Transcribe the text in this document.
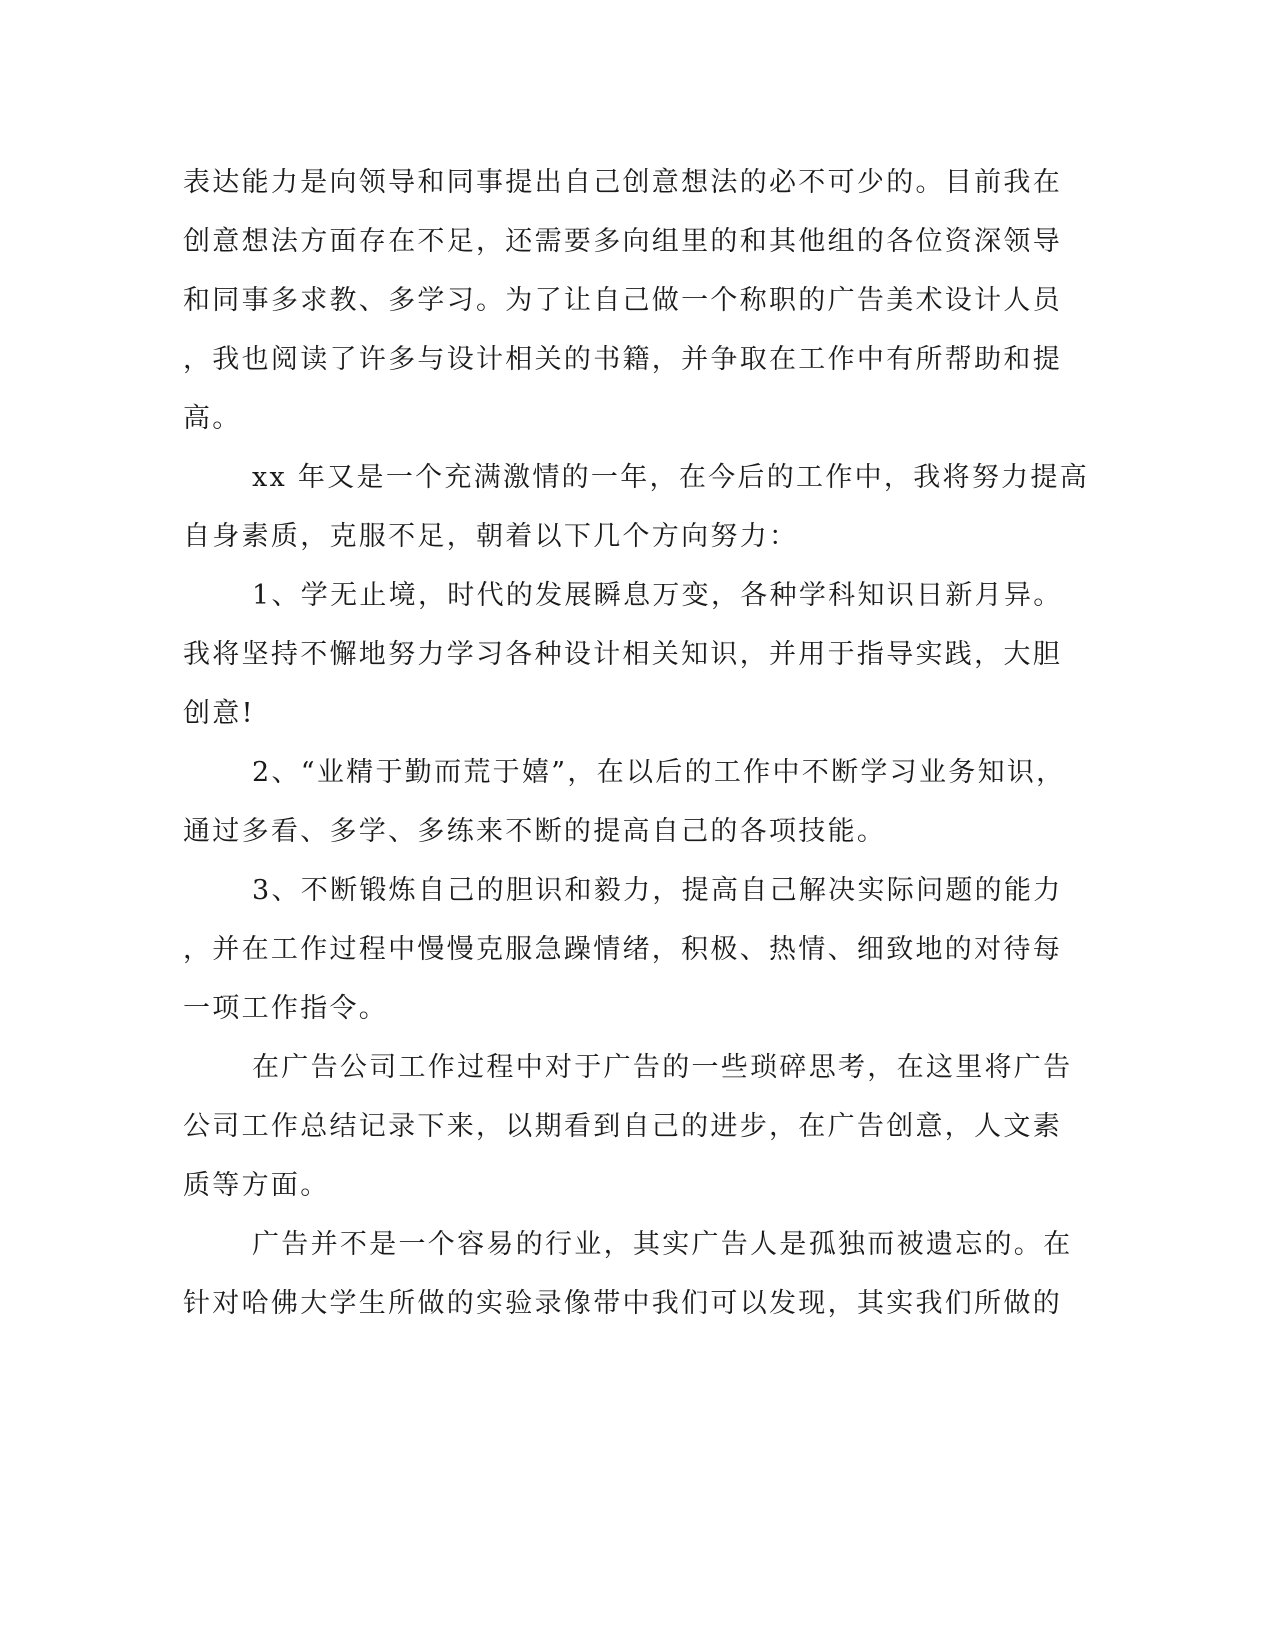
表达能力是向领导和同事提出自己创意想法的必不可少的。目前我在
创意想法方面存在不足，还需要多向组里的和其他组的各位资深领导
和同事多求教、多学习。为了让自己做一个称职的广告美术设计人员
，我也阅读了许多与设计相关的书籍，并争取在工作中有所帮助和提
高。
xx 年又是一个充满激情的一年，在今后的工作中，我将努力提高
自身素质，克服不足，朝着以下几个方向努力：
1、学无止境，时代的发展瞬息万变，各种学科知识日新月异。
我将坚持不懈地努力学习各种设计相关知识，并用于指导实践，大胆
创意!
2、“业精于勤而荒于嬉”，在以后的工作中不断学习业务知识，
通过多看、多学、多练来不断的提高自己的各项技能。
3、不断锻炼自己的胆识和毅力，提高自己解决实际问题的能力
，并在工作过程中慢慢克服急躁情绪，积极、热情、细致地的对待每
一项工作指令。
在广告公司工作过程中对于广告的一些琐碎思考，在这里将广告
公司工作总结记录下来，以期看到自己的进步，在广告创意，人文素
质等方面。
广告并不是一个容易的行业，其实广告人是孤独而被遗忘的。在
针对哈佛大学生所做的实验录像带中我们可以发现，其实我们所做的
